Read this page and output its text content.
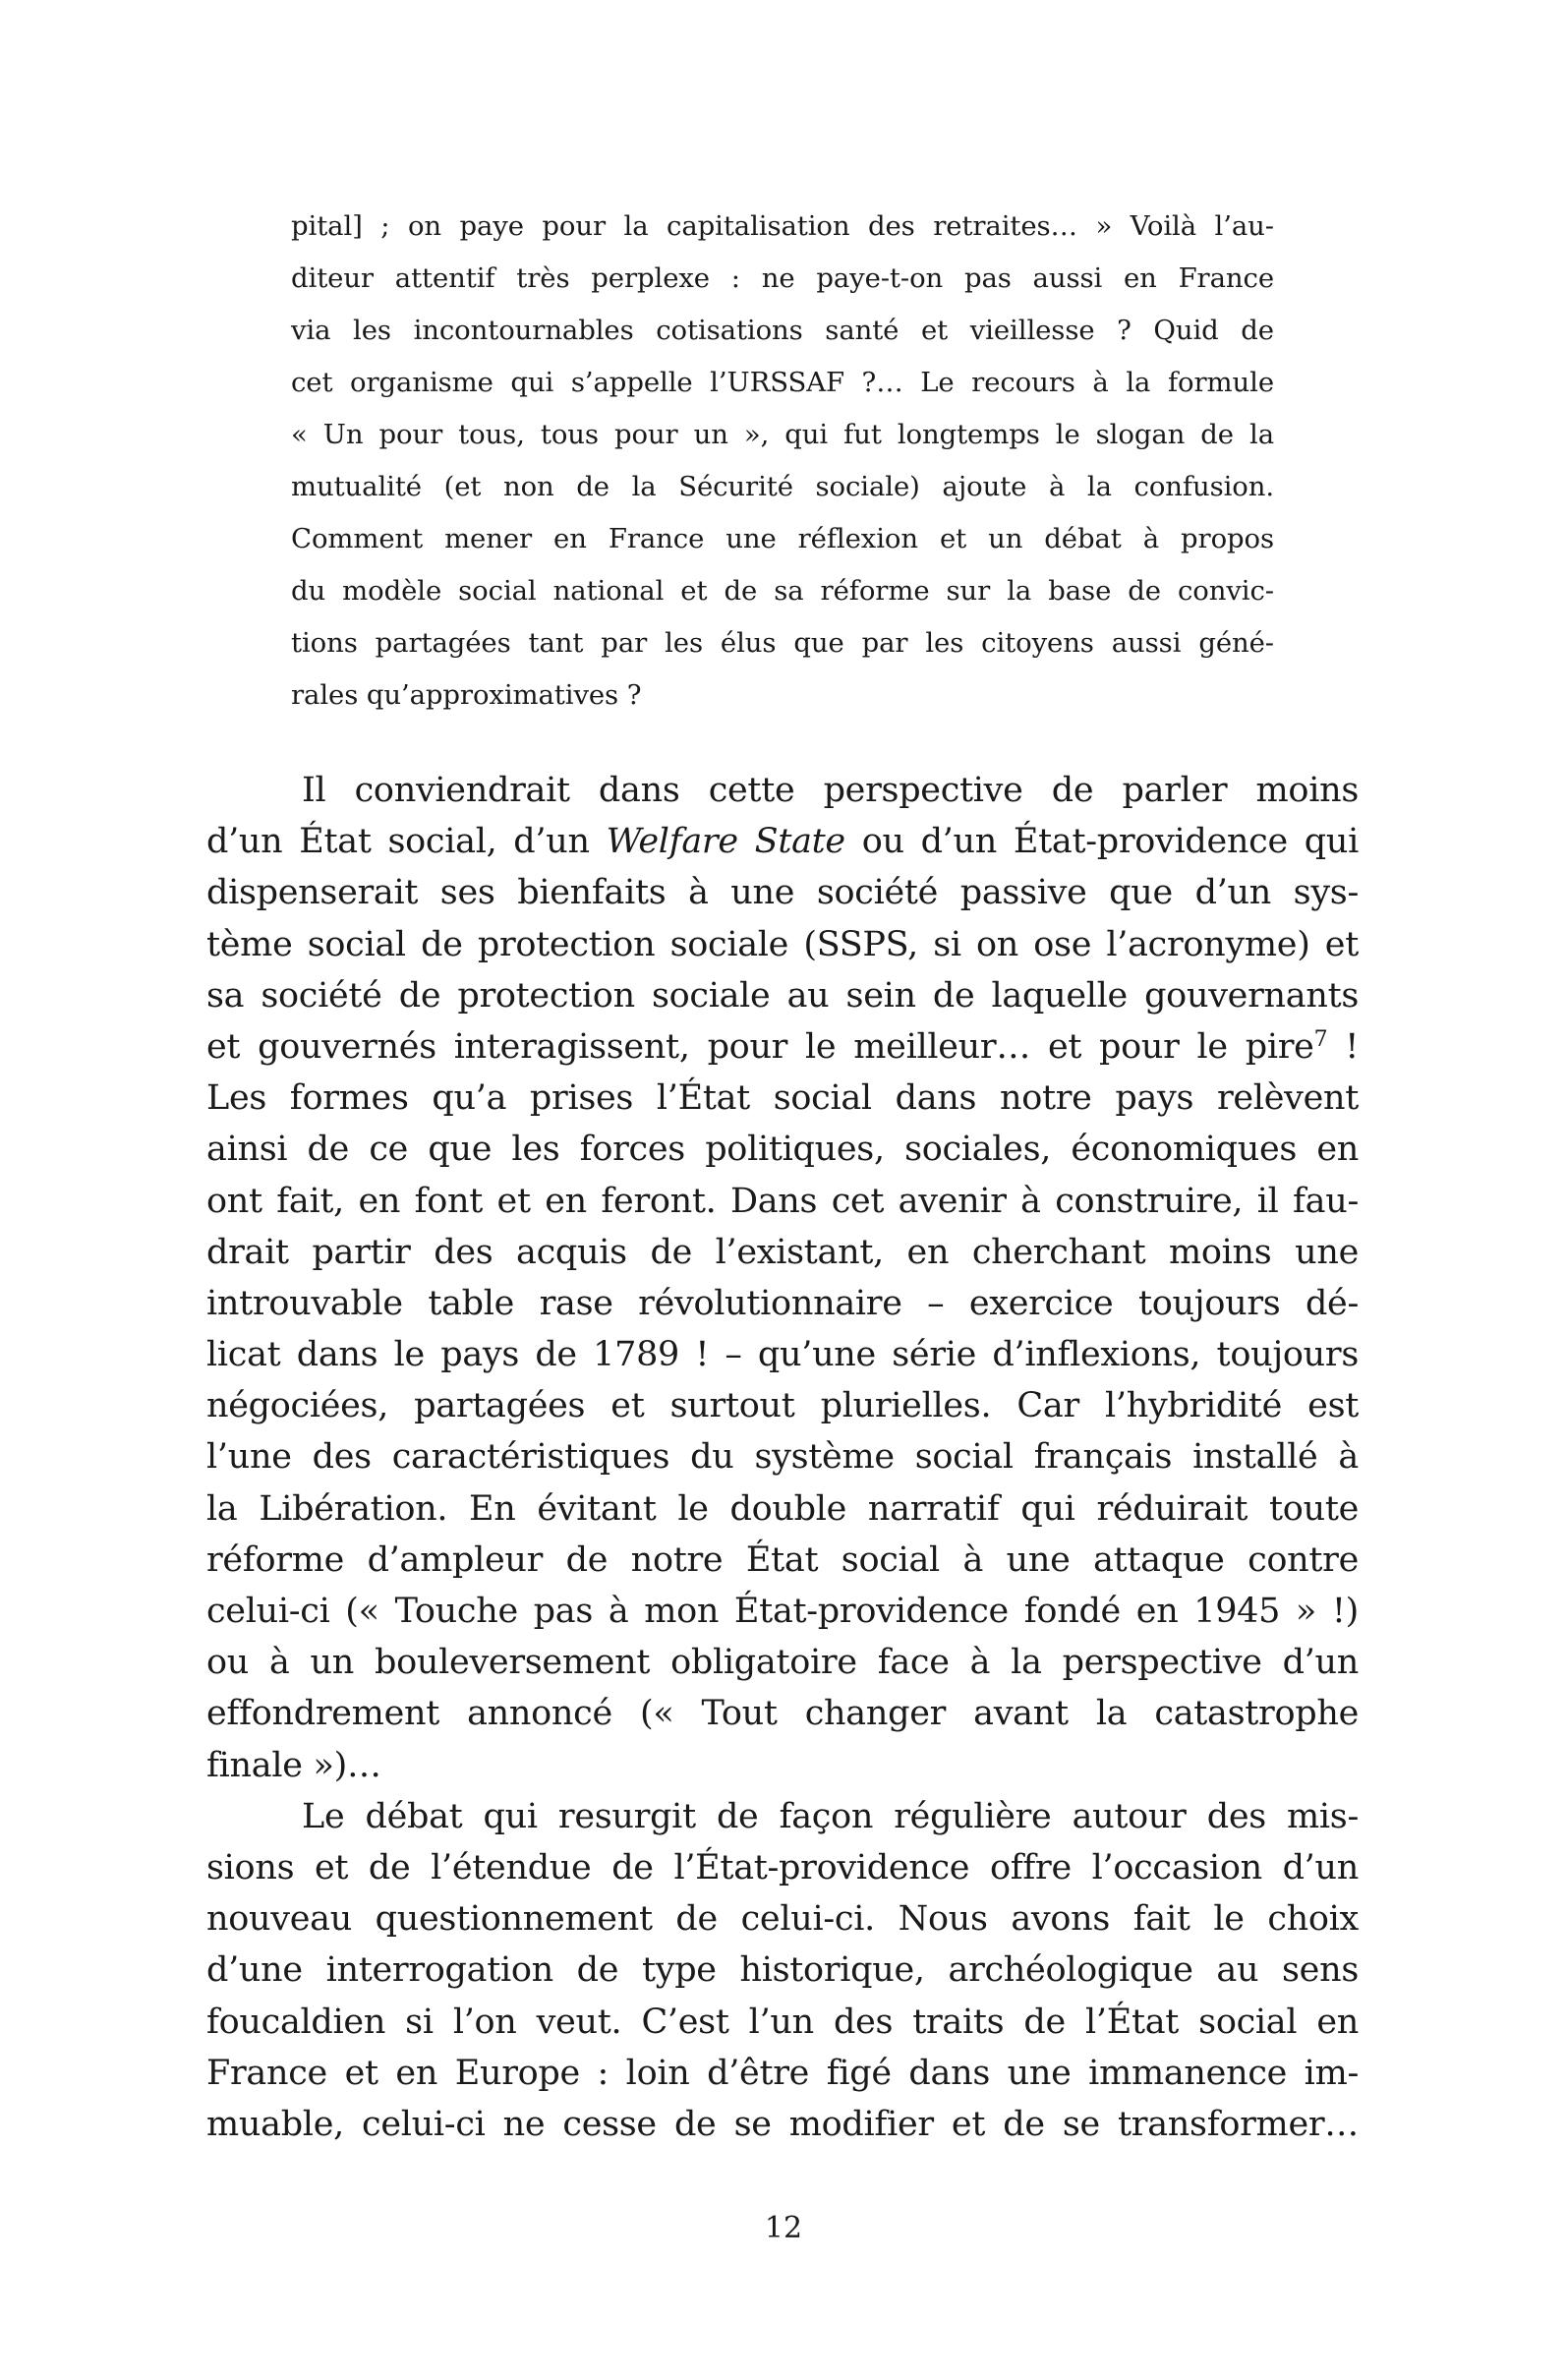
pital] ; on paye pour la capitalisation des retraites… » Voilà l’au-
diteur attentif très perplexe : ne paye-t-on pas aussi en France
via les incontournables cotisations santé et vieillesse ? Quid de
cet organisme qui s’appelle l’URSSAF ?… Le recours à la formule
« Un pour tous, tous pour un », qui fut longtemps le slogan de la
mutualité (et non de la Sécurité sociale) ajoute à la confusion.
Comment mener en France une réflexion et un débat à propos
du modèle social national et de sa réforme sur la base de convic-
tions partagées tant par les élus que par les citoyens aussi géné-
rales qu’approximatives ?
Il conviendrait dans cette perspective de parler moins
d’un État social, d’un Welfare State ou d’un État-providence qui
dispenserait ses bienfaits à une société passive que d’un sys-
tème social de protection sociale (SSPS, si on ose l’acronyme) et
sa société de protection sociale au sein de laquelle gouvernants
et gouvernés interagissent, pour le meilleur… et pour le pire$^7$ !
Les formes qu’a prises l’État social dans notre pays relèvent
ainsi de ce que les forces politiques, sociales, économiques en
ont fait, en font et en feront. Dans cet avenir à construire, il fau-
drait partir des acquis de l’existant, en cherchant moins une
introuvable table rase révolutionnaire – exercice toujours dé-
licat dans le pays de 1789 ! – qu’une série d’inflexions, toujours
négociées, partagées et surtout plurielles. Car l’hybridité est
l’une des caractéristiques du système social français installé à
la Libération. En évitant le double narratif qui réduirait toute
réforme d’ampleur de notre État social à une attaque contre
celui-ci (« Touche pas à mon État-providence fondé en 1945 » !)
ou à un bouleversement obligatoire face à la perspective d’un
effondrement annoncé (« Tout changer avant la catastrophe
finale »)…
Le débat qui resurgit de façon régulière autour des mis-
sions et de l’étendue de l’État-providence offre l’occasion d’un
nouveau questionnement de celui-ci. Nous avons fait le choix
d’une interrogation de type historique, archéologique au sens
foucaldien si l’on veut. C’est l’un des traits de l’État social en
France et en Europe : loin d’être figé dans une immanence im-
muable, celui-ci ne cesse de se modifier et de se transformer…
12
